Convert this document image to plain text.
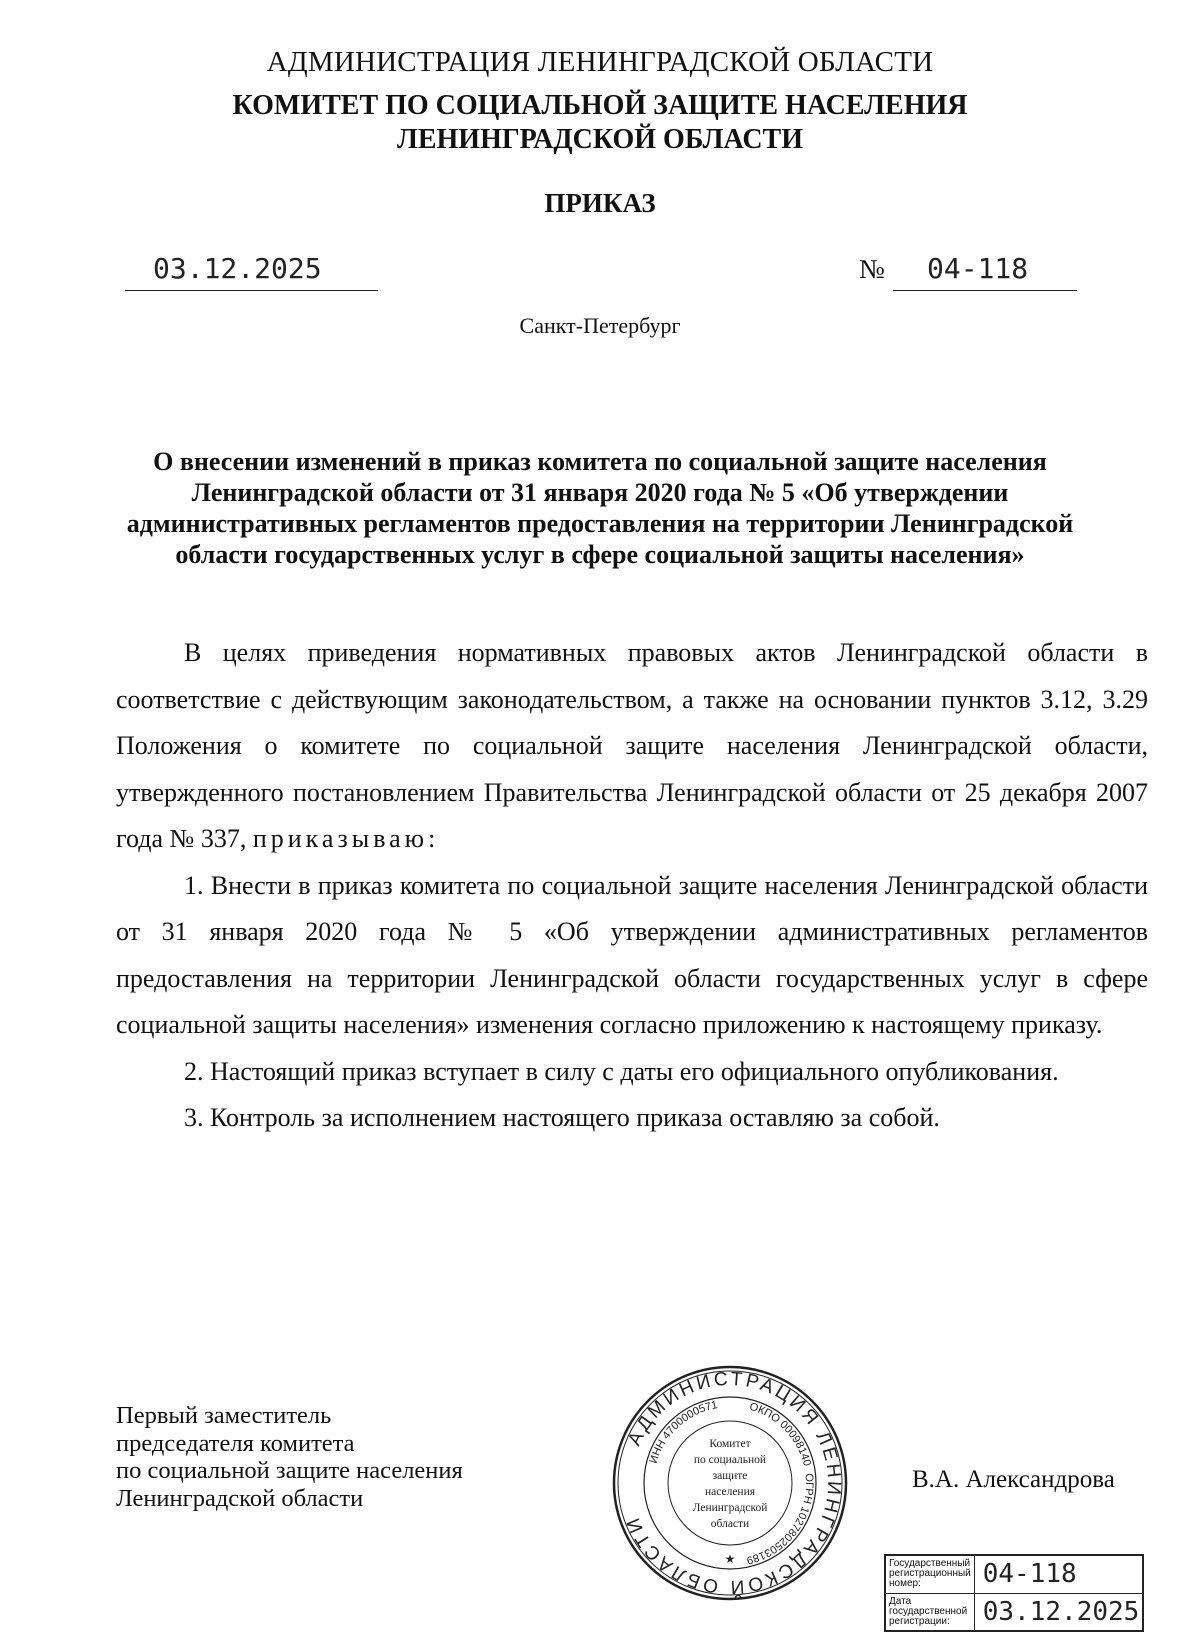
АДМИНИСТРАЦИЯ ЛЕНИНГРАДСКОЙ ОБЛАСТИ
КОМИТЕТ ПО СОЦИАЛЬНОЙ ЗАЩИТЕ НАСЕЛЕНИЯ
ЛЕНИНГРАДСКОЙ ОБЛАСТИ
ПРИКАЗ
03.12.2025	№ 04-118
Санкт-Петербург
О внесении изменений в приказ комитета по социальной защите населения Ленинградской области от 31 января 2020 года № 5 «Об утверждении административных регламентов предоставления на территории Ленинградской области государственных услуг в сфере социальной защиты населения»

В целях приведения нормативных правовых актов Ленинградской области в соответствие с действующим законодательством, а также на основании пунктов 3.12, 3.29 Положения о комитете по социальной защите населения Ленинградской области, утвержденного постановлением Правительства Ленинградской области от 25 декабря 2007 года № 337, приказываю:

1. Внести в приказ комитета по социальной защите населения Ленинградской области от 31 января 2020 года № 5 «Об утверждении административных регламентов предоставления на территории Ленинградской области государственных услуг в сфере социальной защиты населения» изменения согласно приложению к настоящему приказу.

2. Настоящий приказ вступает в силу с даты его официального опубликования.

3. Контроль за исполнением настоящего приказа оставляю за собой.

Первый заместитель
председателя комитета
по социальной защите населения
Ленинградской области
В.А. Александрова
АДМИНИСТРАЦИЯ ЛЕНИНГРАДСКОЙ ОБЛАСТИ
ОКПО 00098140
ОГРН 1027802503189
ИНН 4700000571
Комитет
по социальной
защите
населения
Ленинградской
области
★	Государственный регистрационный номер:	04-118
Дата государственной регистрации:	03.12.2025
